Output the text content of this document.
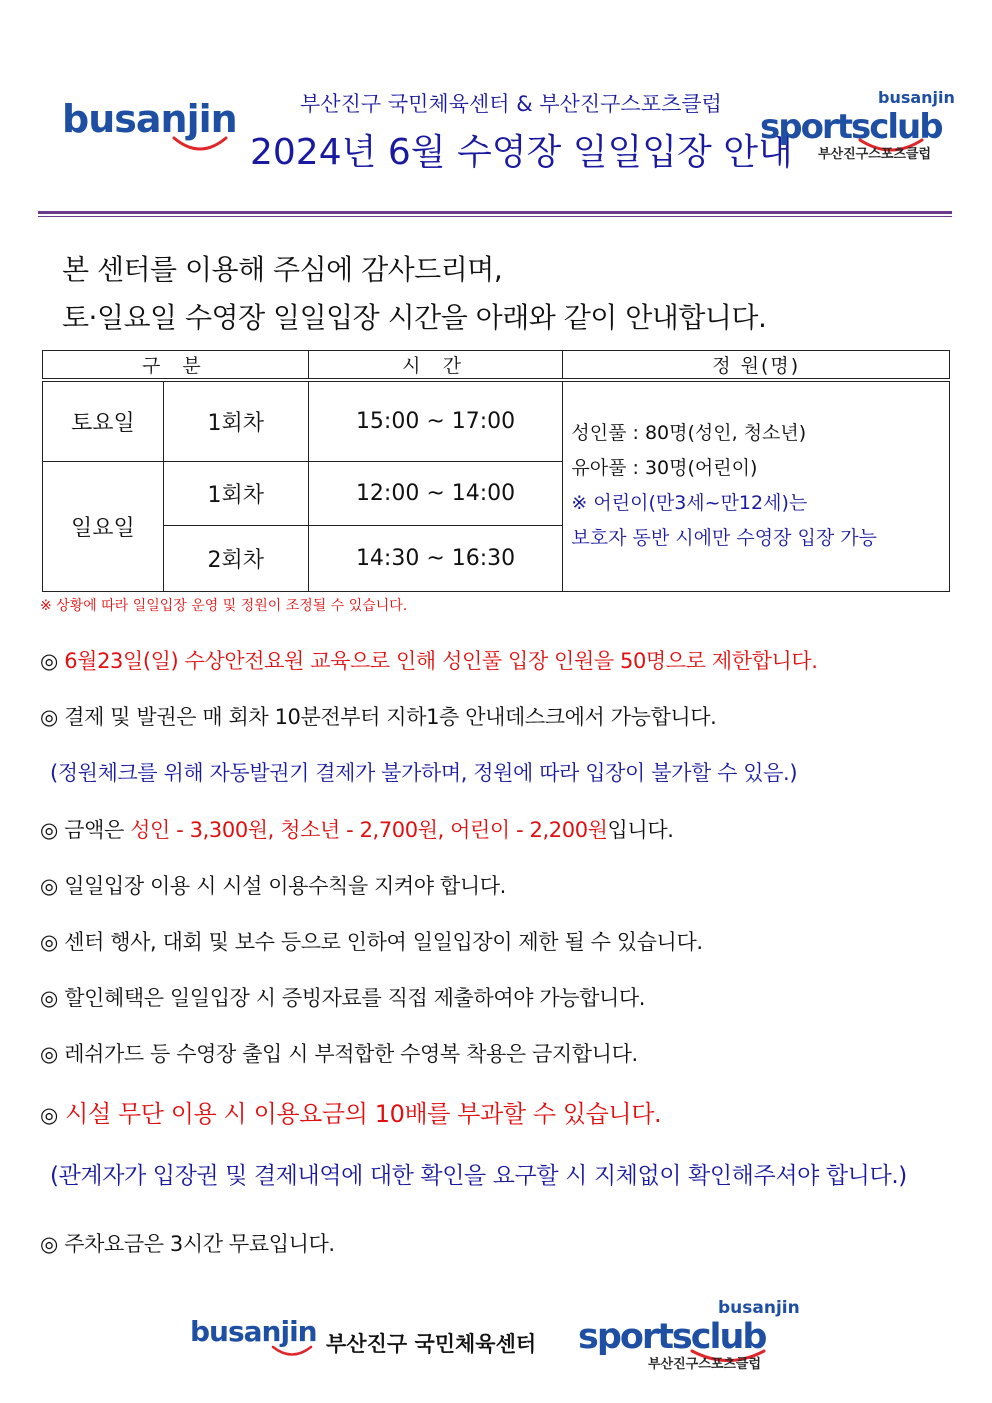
busanjin	부산진구 국민체육센터 & 부산진구스포츠클럽
2024년 6월 수영장 일일입장 안내
busanjin
sportsclub
부산진구스포츠클럽
본 센터를 이용해 주심에 감사드리며,
토·일요일 수영장 일일입장 시간을 아래와 같이 안내합니다.
구 분		시 간	정 원(명)
토요일	1회차	15:00 ~ 17:00	성인풀 : 80명(성인, 청소년)
유아풀 : 30명(어린이)
※ 어린이(만3세~만12세)는
보호자 동반 시에만 수영장 입장 가능

일요일	1회차	12:00 ~ 14:00	
	2회차	14:30 ~ 16:30	
※ 상황에 따라 일일입장 운영 및 정원이 조정될 수 있습니다.
◎ 6월23일(일) 수상안전요원 교육으로 인해 성인풀 입장 인원을 50명으로 제한합니다.
◎ 결제 및 발권은 매 회차 10분전부터 지하1층 안내데스크에서 가능합니다.
(정원체크를 위해 자동발권기 결제가 불가하며, 정원에 따라 입장이 불가할 수 있음.)
◎ 금액은 성인 - 3,300원, 청소년 - 2,700원, 어린이 - 2,200원입니다.
◎ 일일입장 이용 시 시설 이용수칙을 지켜야 합니다.
◎ 센터 행사, 대회 및 보수 등으로 인하여 일일입장이 제한 될 수 있습니다.
◎ 할인혜택은 일일입장 시 증빙자료를 직접 제출하여야 가능합니다.
◎ 레쉬가드 등 수영장 출입 시 부적합한 수영복 착용은 금지합니다.
◎ 시설 무단 이용 시 이용요금의 10배를 부과할 수 있습니다.
(관계자가 입장권 및 결제내역에 대한 확인을 요구할 시 지체없이 확인해주셔야 합니다.)
◎ 주차요금은 3시간 무료입니다.
busanjin 부산진구 국민체육센터
busanjin
sportsclub
부산진구스포츠클럽
